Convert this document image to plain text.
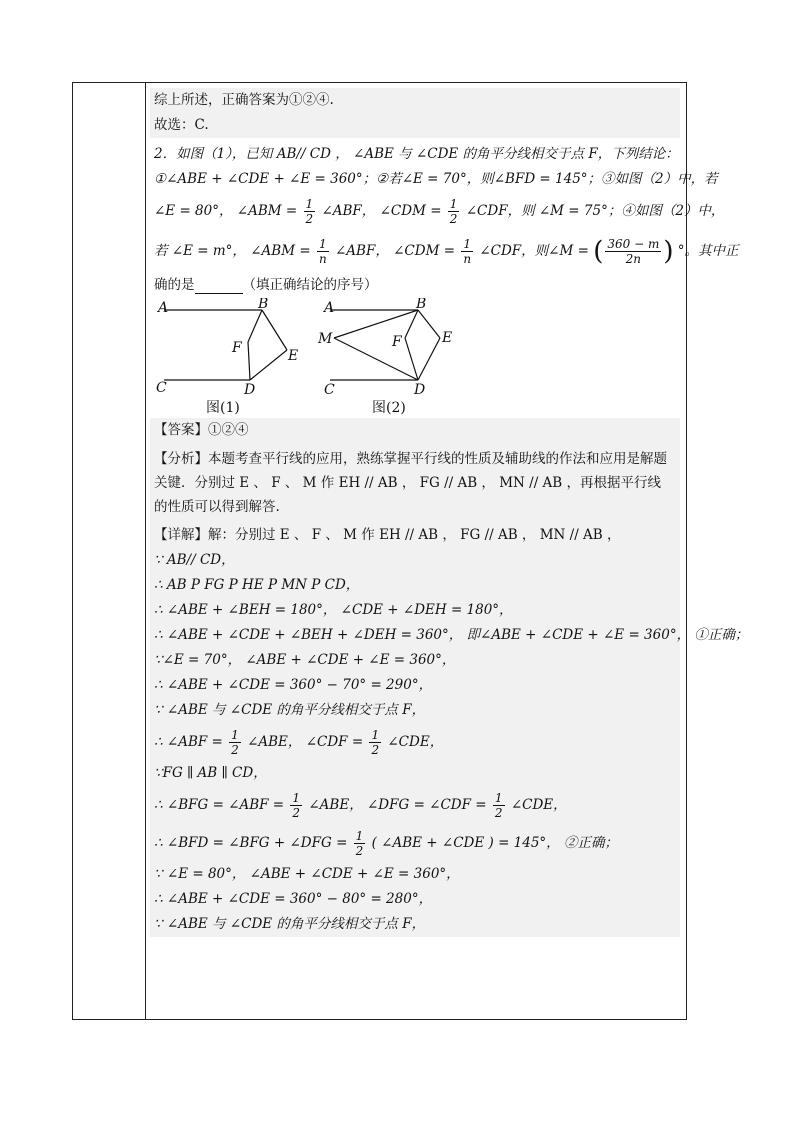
综上所述，正确答案为①②④.
故选：C.
2．如图（1），已知 AB// CD ， ∠ABE 与 ∠CDE 的角平分线相交于点 F，下列结论：
①∠ABE + ∠CDE + ∠E = 360°；②若∠E = 70°，则∠BFD = 145°；③如图（2）中，若
∠E = 80°， ∠ABM = $\frac{1}{2}$ ∠ABF， ∠CDM = $\frac{1}{2}$ ∠CDF，则 ∠M = 75°；④如图（2）中，
若 ∠E = m°， ∠ABM = $\frac{1}{n}$ ∠ABF， ∠CDM = $\frac{1}{n}$ ∠CDF，则∠M = ( $\frac{360 - m}{2n}$ ) °。其中正
确的是	（填正确结论的序号）
A	B
C	D
E
F
图(1)
A	B
C	D
E
F
M
图(2)
【答案】①②④
【分析】本题考查平行线的应用，熟练掌握平行线的性质及辅助线的作法和应用是解题关键．分别过 E 、 F 、 M 作 EH // AB ， FG // AB ， MN // AB ，再根据平行线的性质可以得到解答.
【详解】解：分别过 E 、 F 、 M 作 EH // AB ， FG // AB ， MN // AB ，
∵ AB// CD，
∴ AB P FG P HE P MN P CD，
∴ ∠ABE + ∠BEH = 180°， ∠CDE + ∠DEH = 180°，
∴ ∠ABE + ∠CDE + ∠BEH + ∠DEH = 360°， 即∠ABE + ∠CDE + ∠E = 360°， ①正确；
∵∠E = 70°， ∠ABE + ∠CDE + ∠E = 360°，
∴ ∠ABE + ∠CDE = 360° − 70° = 290°，
∵ ∠ABE 与 ∠CDE 的角平分线相交于点 F，
∴ ∠ABF = $\frac{1}{2}$ ∠ABE， ∠CDF = $\frac{1}{2}$ ∠CDE，
∵FG ∥ AB ∥ CD，
∴ ∠BFG = ∠ABF = $\frac{1}{2}$ ∠ABE， ∠DFG = ∠CDF = $\frac{1}{2}$ ∠CDE，
∴ ∠BFD = ∠BFG + ∠DFG = $\frac{1}{2}$ ( ∠ABE + ∠CDE ) = 145°， ②正确；
∵ ∠E = 80°， ∠ABE + ∠CDE + ∠E = 360°，
∴ ∠ABE + ∠CDE = 360° − 80° = 280°，
∵ ∠ABE 与 ∠CDE 的角平分线相交于点 F，
